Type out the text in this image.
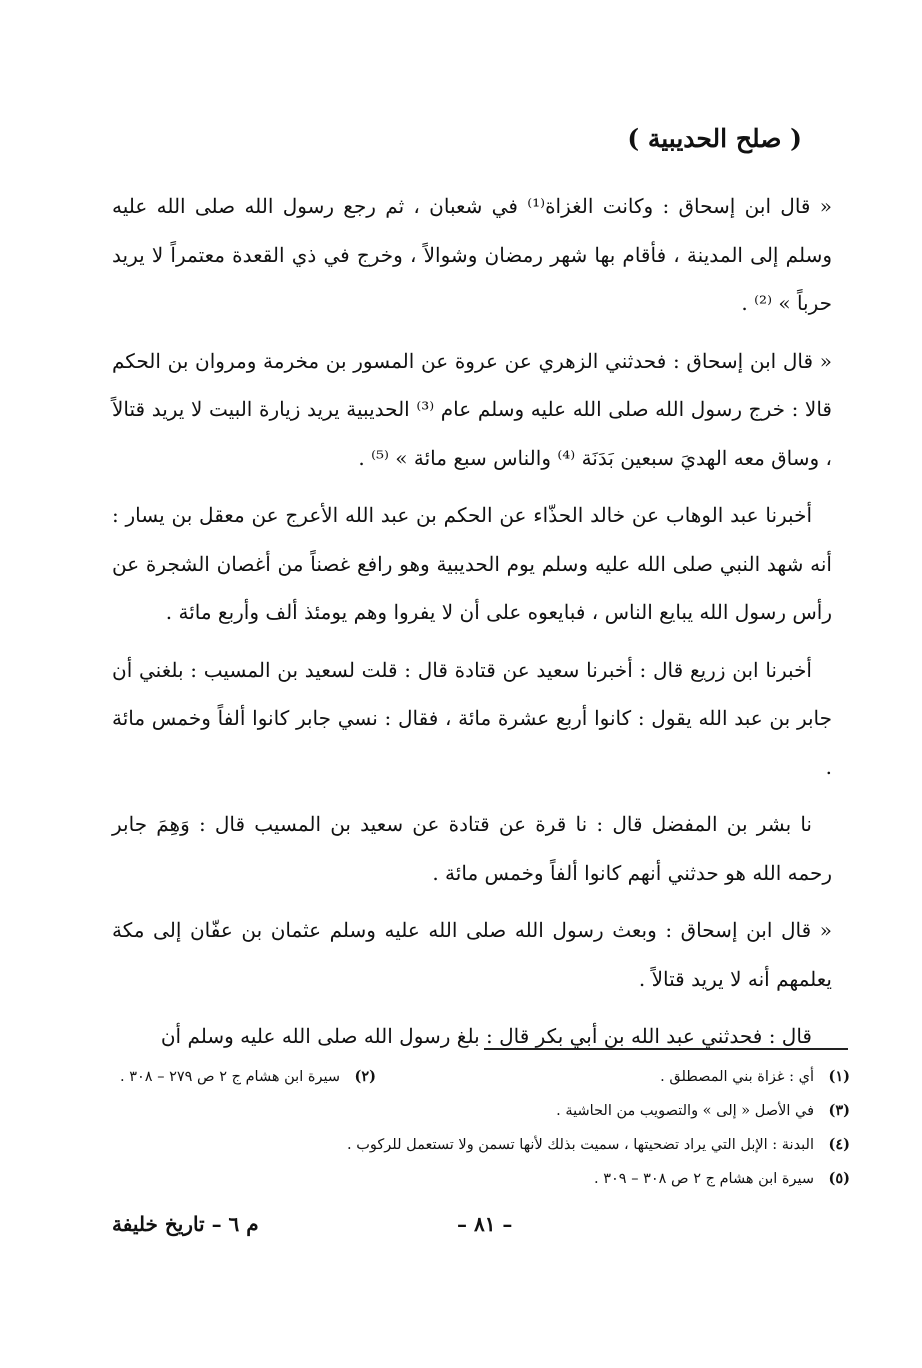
( صلح الحديبية )

« قال ابن إسحاق : وكانت الغزاة⁽¹⁾ في شعبان ، ثم رجع رسول الله صلى الله عليه وسلم إلى المدينة ، فأقام بها شهر رمضان وشوالاً ، وخرج في ذي القعدة معتمراً لا يريد حرباً » ⁽²⁾ .

« قال ابن إسحاق : فحدثني الزهري عن عروة عن المسور بن مخرمة ومروان بن الحكم قالا : خرج رسول الله صلى الله عليه وسلم عام ⁽³⁾ الحديبية يريد زيارة البيت لا يريد قتالاً ، وساق معه الهديَ سبعين بَدَنَة ⁽⁴⁾ والناس سبع مائة » ⁽⁵⁾ .

أخبرنا عبد الوهاب عن خالد الحذّاء عن الحكم بن عبد الله الأعرج عن معقل بن يسار : أنه شهد النبي صلى الله عليه وسلم يوم الحديبية وهو رافع غصناً من أغصان الشجرة عن رأس رسول الله يبايع الناس ، فبايعوه على أن لا يفروا وهم يومئذ ألف وأربع مائة .

أخبرنا ابن زريع قال : أخبرنا سعيد عن قتادة قال : قلت لسعيد بن المسيب : بلغني أن جابر بن عبد الله يقول : كانوا أربع عشرة مائة ، فقال : نسي جابر كانوا ألفاً وخمس مائة .

نا بشر بن المفضل قال : نا قرة عن قتادة عن سعيد بن المسيب قال : وَهِمَ جابر رحمه الله هو حدثني أنهم كانوا ألفاً وخمس مائة .

« قال ابن إسحاق : وبعث رسول الله صلى الله عليه وسلم عثمان بن عفّان إلى مكة يعلمهم أنه لا يريد قتالاً .

قال : فحدثني عبد الله بن أبي بكر قال : بلغ رسول الله صلى الله عليه وسلم أن

(١)
أي : غزاة بني المصطلق .
(٢)
سيرة ابن هشام ج ٢ ص ٢٧٩ – ٣٠٨ .
(٣)
في الأصل « إلى » والتصويب من الحاشية .
(٤)
البدنة : الإبل التي يراد تضحيتها ، سميت بذلك لأنها تسمن ولا تستعمل للركوب .
(٥)
سيرة ابن هشام ج ٢ ص ٣٠٨ – ٣٠٩ .
– ٨١ –
م ٦ – تاريخ خليفة
